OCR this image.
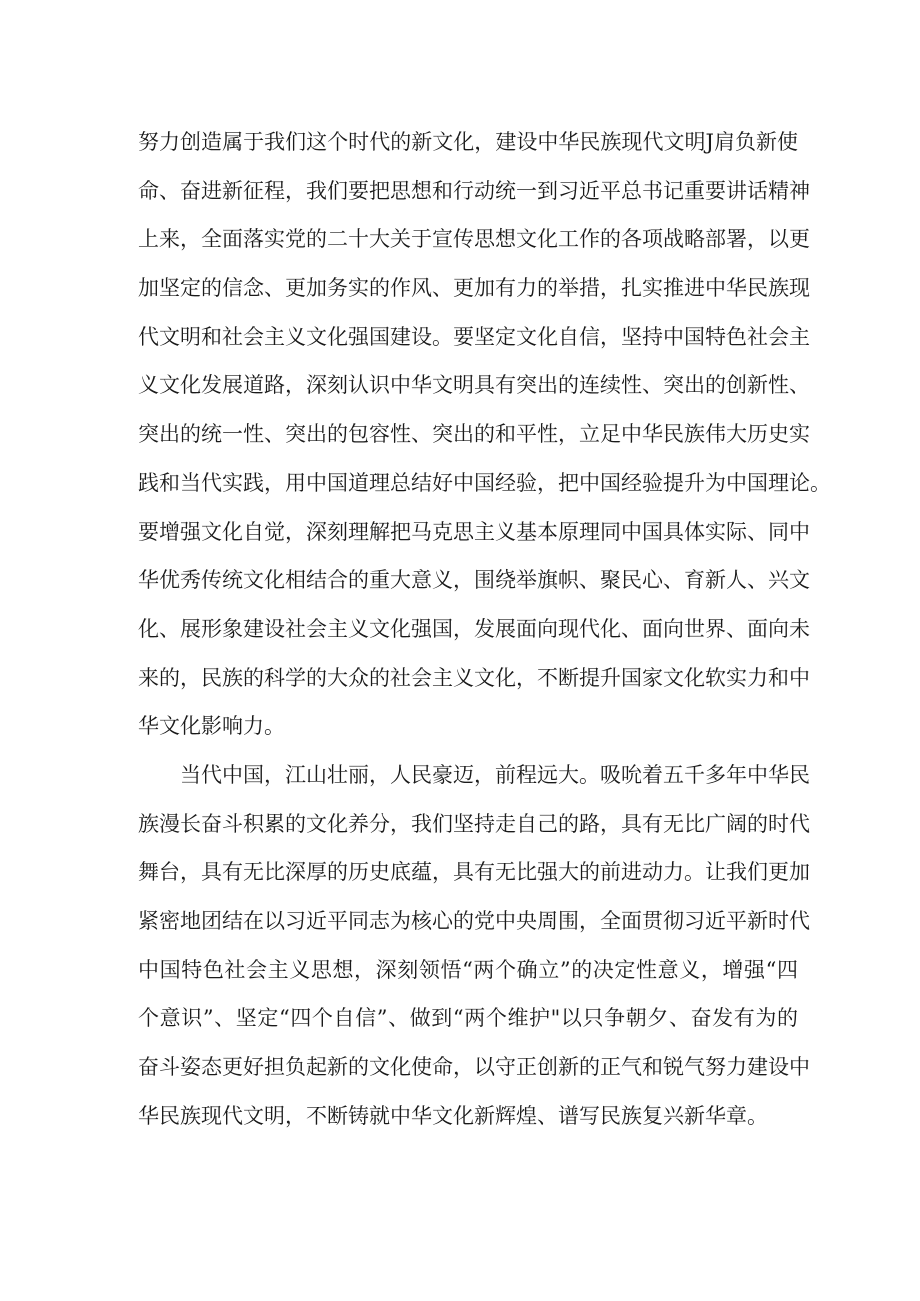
努力创造属于我们这个时代的新文化，建设中华民族现代文明J肩负新使
命、奋进新征程，我们要把思想和行动统一到习近平总书记重要讲话精神
上来，全面落实党的二十大关于宣传思想文化工作的各项战略部署，以更
加坚定的信念、更加务实的作风、更加有力的举措，扎实推进中华民族现
代文明和社会主义文化强国建设。要坚定文化自信，坚持中国特色社会主
义文化发展道路，深刻认识中华文明具有突出的连续性、突出的创新性、
突出的统一性、突出的包容性、突出的和平性，立足中华民族伟大历史实
践和当代实践，用中国道理总结好中国经验，把中国经验提升为中国理论。
要增强文化自觉，深刻理解把马克思主义基本原理同中国具体实际、同中
华优秀传统文化相结合的重大意义，围绕举旗帜、聚民心、育新人、兴文
化、展形象建设社会主义文化强国，发展面向现代化、面向世界、面向未
来的，民族的科学的大众的社会主义文化，不断提升国家文化软实力和中
华文化影响力。
当代中国，江山壮丽，人民豪迈，前程远大。吸吮着五千多年中华民
族漫长奋斗积累的文化养分，我们坚持走自己的路，具有无比广阔的时代
舞台，具有无比深厚的历史底蕴，具有无比强大的前进动力。让我们更加
紧密地团结在以习近平同志为核心的党中央周围，全面贯彻习近平新时代
中国特色社会主义思想，深刻领悟“两个确立”的决定性意义，增强“四
个意识”、坚定“四个自信”、做到“两个维护"以只争朝夕、奋发有为的
奋斗姿态更好担负起新的文化使命，以守正创新的正气和锐气努力建设中
华民族现代文明，不断铸就中华文化新辉煌、谱写民族复兴新华章。
